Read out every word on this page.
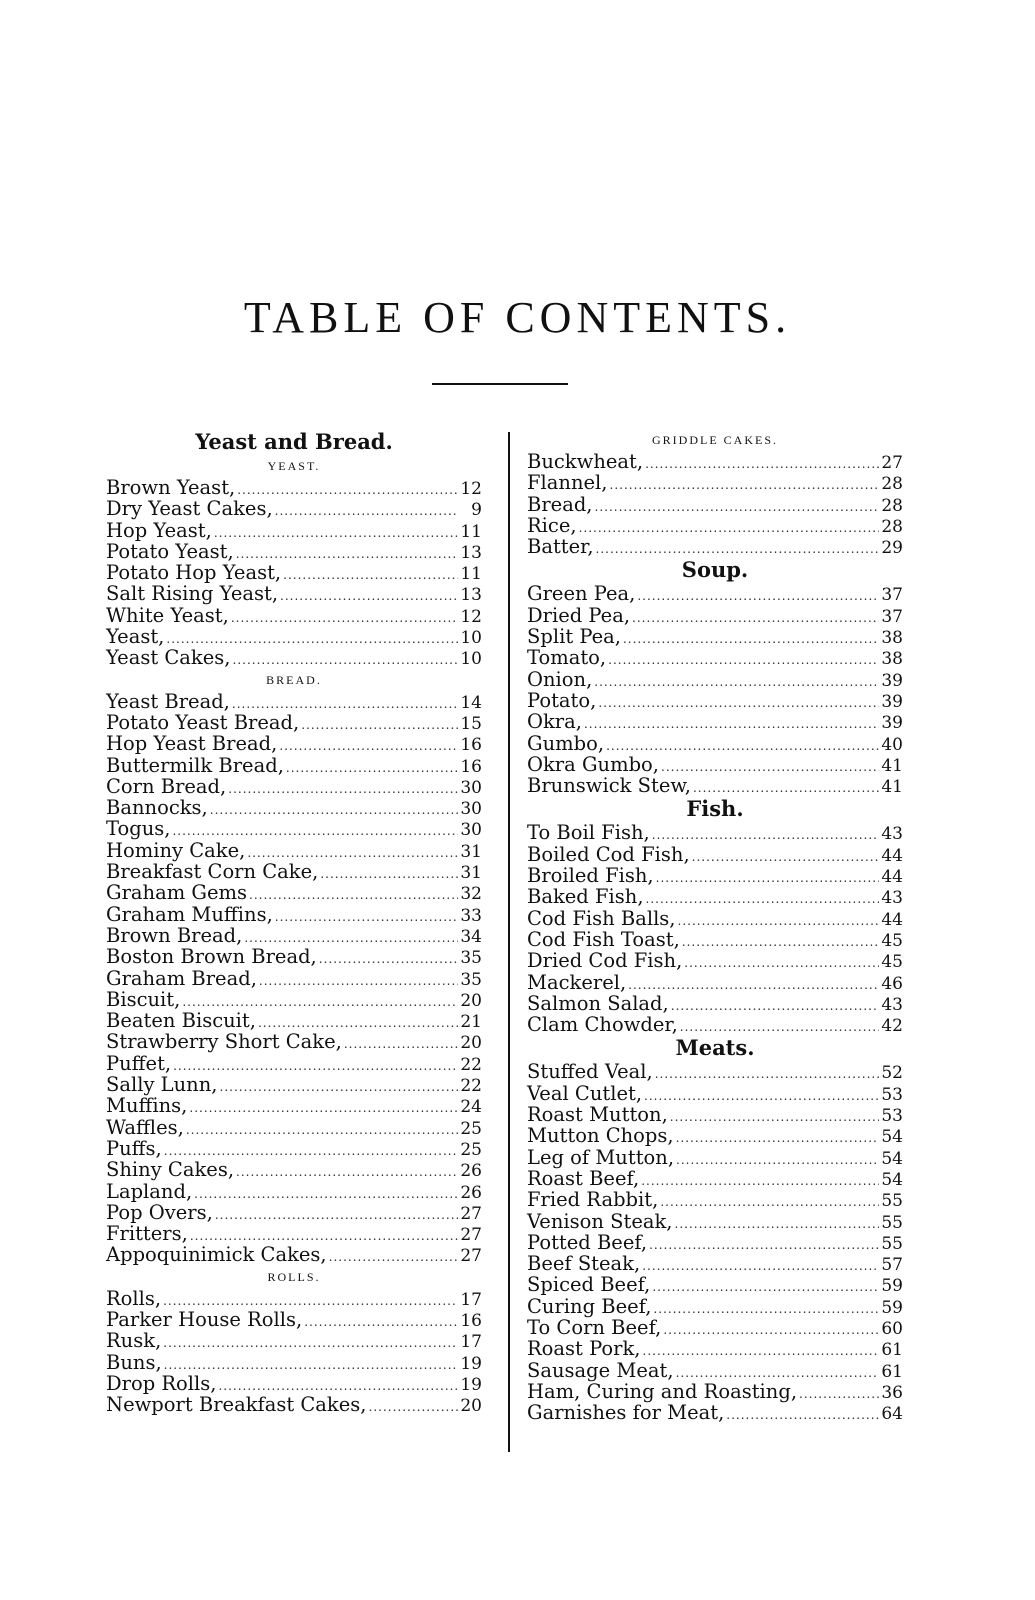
TABLE OF CONTENTS.
Yeast and Bread.
YEAST.
Brown Yeast, .....	12
Dry Yeast Cakes, .....	9
Hop Yeast, .....	11
Potato Yeast, .....	13
Potato Hop Yeast, .....	11
Salt Rising Yeast, .....	13
White Yeast, .....	12
Yeast, .....	10
Yeast Cakes, .....	10
BREAD.
Yeast Bread, .....	14
Potato Yeast Bread, .....	15
Hop Yeast Bread, .....	16
Buttermilk Bread, .....	16
Corn Bread, .....	30
Bannocks, .....	30
Togus, .....	30
Hominy Cake, .....	31
Breakfast Corn Cake, .....	31
Graham Gems .....	32
Graham Muffins, .....	33
Brown Bread, .....	34
Boston Brown Bread, .....	35
Graham Bread, .....	35
Biscuit, .....	20
Beaten Biscuit, .....	21
Strawberry Short Cake, .....	20
Puffet, .....	22
Sally Lunn, .....	22
Muffins, .....	24
Waffles, .....	25
Puffs, .....	25
Shiny Cakes, .....	26
Lapland, .....	26
Pop Overs, .....	27
Fritters, .....	27
Appoquinimick Cakes, .....	27
ROLLS.
Rolls, .....	17
Parker House Rolls, .....	16
Rusk, .....	17
Buns, .....	19
Drop Rolls, .....	19
Newport Breakfast Cakes, .....	20
GRIDDLE CAKES.
Buckwheat, .....	27
Flannel, .....	28
Bread, .....	28
Rice, .....	28
Batter, .....	29
Soup.
Green Pea, .....	37
Dried Pea, .....	37
Split Pea, .....	38
Tomato, .....	38
Onion, .....	39
Potato, .....	39
Okra, .....	39
Gumbo, .....	40
Okra Gumbo, .....	41
Brunswick Stew, .....	41
Fish.
To Boil Fish, .....	43
Boiled Cod Fish, .....	44
Broiled Fish, .....	44
Baked Fish, .....	43
Cod Fish Balls, .....	44
Cod Fish Toast, .....	45
Dried Cod Fish, .....	45
Mackerel, .....	46
Salmon Salad, .....	43
Clam Chowder, .....	42
Meats.
Stuffed Veal, .....	52
Veal Cutlet, .....	53
Roast Mutton, .....	53
Mutton Chops, .....	54
Leg of Mutton, .....	54
Roast Beef, .....	54
Fried Rabbit, .....	55
Venison Steak, .....	55
Potted Beef, .....	55
Beef Steak, .....	57
Spiced Beef, .....	59
Curing Beef, .....	59
To Corn Beef, .....	60
Roast Pork, .....	61
Sausage Meat, .....	61
Ham, Curing and Roasting, .....	36
Garnishes for Meat, .....	64
